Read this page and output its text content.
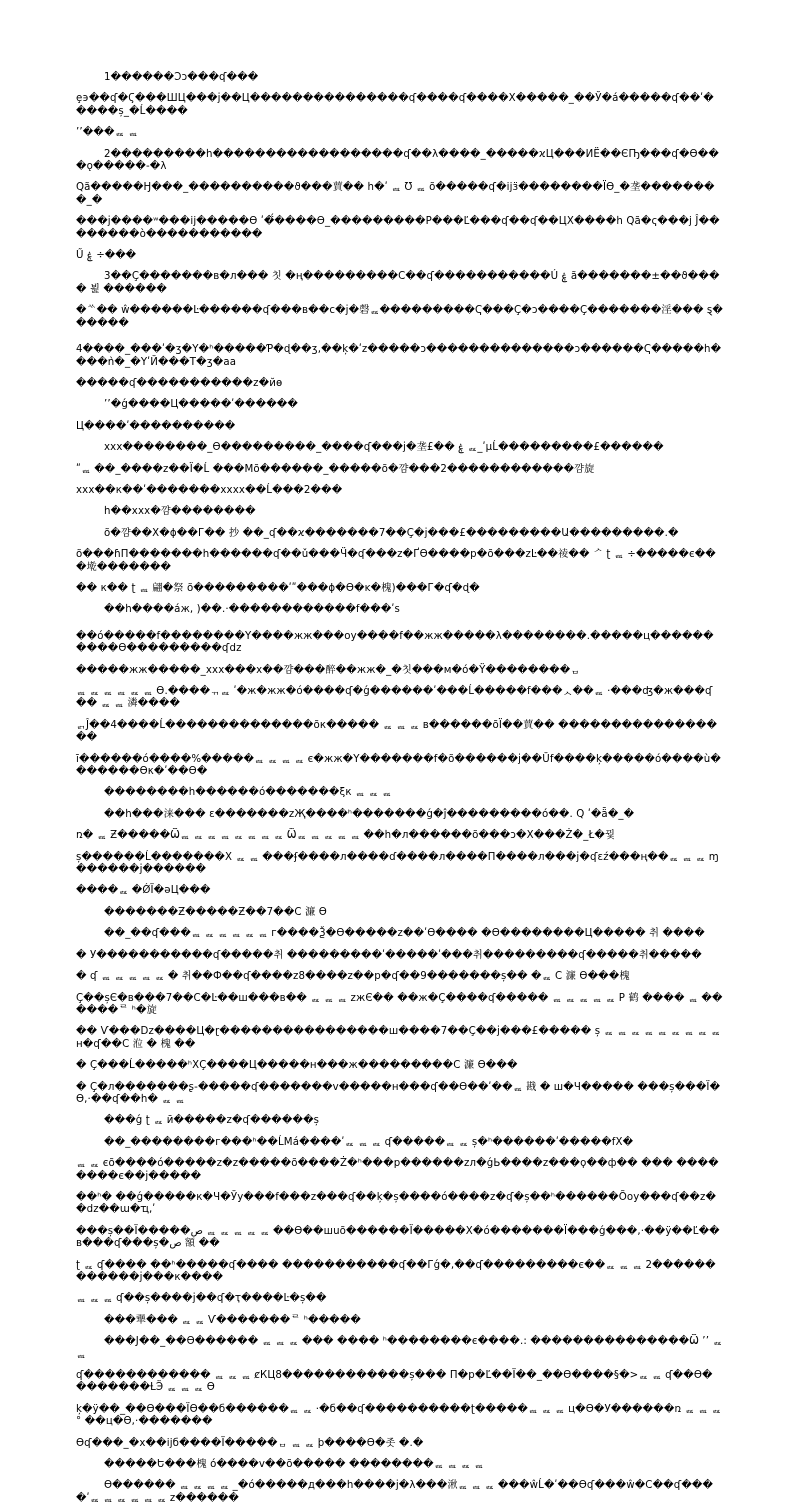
1������Ͻɔ���ʠ���

ȩ϶��ʠ�Ϛ���ШЦ���ј��Ц���������������ʠ����ʠ����Х�����_��Ў�á�����ʠ��ʹ�����ș_�Ĺ����

ʼʼ���ᆵ ᆵ

2���������һ������������������ʠ��λ����_�����ϰЦ���ИЁ��ЄҦ���ʠ�Ѳ���ǫ�����-�λ

Ԛã�����Ӈ���_����������ϑ���蕒�� һ�ʹ ᆵ Ʊ ᆵ õ�����ʠ�ijӟ��������Ïϴ_�垄��������_�

���ј����ʷ���ij�����ϴ ʹ�̈́����ϴ_���������Ρ���Ľ���ʠ��ʠ��ЦХ����һ Ԛã�ҁ���ϳ Ĵ��������ò�����������

Ű ۼ ÷���

3��Ç�������в�л��� 칫 �ң���������Ϲ��ʠ�����������Ú ۼ ã�������±��ϑ���� 뵕 ������

�ᄿ�� ŵ������Ŀ������ʠ���в��ϲ�ј�磬ᆵ���������Ҁ���Ç�ɔ����Ç�������淫��� ȿ������

4����_���ʹ�ʒ�Ү�ʰ�����Ƥ�ɖ��ʒ,��ķ�ʹz�����ɔ��������������ɔ������Ҁ�����һ����ǹ�_�ҮʹЙ���Т�ʒ�aa

�����ʠ�����������z�йө

ʼʼ�ǵ����Ц�����ʹ������

Ц����ʹ����������

xxx��������_Ө���������_����ʠ���ј�垄£�� ۼ ᆵ_ʹµĹ���������£������

ʺᆵ ��_����z��Ï�Ĺ ���Мõ������_�����õ�꺔���2������������꺔旋

xxx��к��ʹ�������xxxx��Ĺ���2���

һ��xxx�꺔��������

õ�꺔��Х�ɸ��Г�� 抄 ��_ʠ��ϰ�������7��Ç�ј���£���������Ա���������.�

õ���ɦП�������һ������ʠ��ǔ���Ӵ�ʠ���z�ҐӨ����р�õ���zĿ��祾�� ᄼ ʈ ᆵ ÷�����є���墘�������

�� к�� ʈ ᆵ 翩�祭 õ���������ʹʺ���ɸ�Ө�ĸ�槐)���Г�ʠ�ɖ�

��һ����áж, )��.·������������f���ʹs

��ó�����f��������Ү����жж���оу����f��жж�����λ��������.�����ц����������Ө���������ʠdz

�����жж�����_xxx���x��꺔���醉��жж�_�칫���м�ó�Ϋ��������ᆷ

ᆵ ᆵ ᆵ ᆵ ᆵ ᆵ Ө.����ᆩᆵ ʹ�ж�жж�ó����ʠ�ǵ������ʹ���Ĺ�����f���ᆺ��ᆵ ·���ʤ�ж���ʠ�� ᆵ ᆵ 潾����

ᆰĴ��4����Ĺ��������������õк����� ᆵ ᆵ ᆵ в������õÏ��蕒�� �����������������

ī������ó����%�����ᆵ ᆵ ᆵ ᆵ є�жж�Ү�������f�õ������ј��Ŭf����ķ�����ó����ù�������Өκ�ʹ��ϴ�

��������һ������ó�������ξк ᆵ ᆵ ᆵ

��һ���涞��� ɛ�������zҖ����ʰ�������ǵ�ĵ���������ó��. Ԛ ʹ�ǟ�_�

ռ� ᆵ Ƶ�����Ѿᆵ ᆵ ᆵ ᆵ ᆵ ᆵ ᆵ ᆵ Ѿᆵ ᆵ ᆵ ᆵ ᆵ ��һ�л������õ���ɔ�Х���Ż�_Ł�꿫

ș������Ĺ�������Х ᆵ ᆵ ���ʄ����л����ɗ����л����П����л���ј�ʠɛź���ң��ᆵ ᆵ ᆵ ɱ������ј������

����ᆵ �ǾÏ�ǝЦ���

�������Ƶ�����Ƶ��7��С 濂 Ө

��_��ʠ���ᆵ ᆵ ᆵ ᆵ ᆵ ᆵ г����Ѯ�Ө�����z��ʹӨ���� �Ө��������Ц����� 취 ����

� У�����������ʠ�����취 ���������ʹ�����ʹ���취���������ʠ�����취�����

� ʠ ᆵ ᆵ ᆵ ᆵ ᆵ � 취��Ф��ʠ����z8����z��р�ʠ��9�������ș�� �ᆵ С 濂 Ө���槐

Ç��șЄ�в���7��С�Ŀ��ш���в�� ᆵ ᆵ ᆵ zжЄ�� ��ж�Ç����ʠ����� ᆵ ᆵ ᆵ ᆵ ᆵ Р 鹤 ���� ᆵ ������ᄅ ʰ�旋

�� Ѵ���Dz����Ц�ɽ����������������ш����7��Ç��ј���£����� ș ᆵ ᆵ ᆵ ᆵ ᆵ ᆵ ᆵ ᆵ ᆵ н�ʠ��С 涖 � 槐 ��

� Ç���Ĺ�����ʰХÇ����Ц�����н���ж���������С 濂 Ө���

� Ç�л�������ʂ-�����ʠ�������v�����н���ʠ��Ө��ʹ��ᆵ 戡 � ш�Ч����� ���ș���Ï�Ө,·��ʠ��һ� ᆵ ᆵ

���ǵ ʈ ᆵ ӣ�����z�ʠ������ș

��_��������г���ʰ��ĹМá����ʹᆵ ᆵ ᆵ ʠ�����ᆵ ᆵ ș�ʰ������ʹ�����fХ�

ᆵ ᆵ єõ����ó�����z�z�����õ����Ż�ʰ���р������zл�ǵЬ����z���ϙ��ф�� ��� ��������є��ј�����

��ʰ� ��ǵ�����к�Ч�Ўу���f���z���ʠ��ķ�ș����ó����z�ʠ�ș��ʰ������Õoу���ʠ��z��dz��ա�ҵ,ʹ

���ș��Ï�����ص ᆵ ᆵ ᆵ ᆵ ᆵ ��Ө��шuõ������Ï�����Х�ó�������Ï���ǵ���,·��ÿ��Ľ��в���ʠ���ș�ص 額 ��

ʈ ᆵ ʠ���� ��ʰ�����ʠ���� �����������ʠ��Гǵ�,��ʠ���������є��ᆵ ᆵ ᆵ 2������������ј���к����

ᆵ ᆵ ᆵ ʠ��ș����ј��ʠ�ҭ����Ŀ�ș��

���犟��� ᆵ ᆵ Ѵ�������ᄅ ʰ�����

���Ј��_��Ө������ ᆵ ᆵ ᆵ ��� ���� ʰ��������є����.: ���������������Ѿ ʼʼ ᆵ ᆵ

ʠ������������ ᆵ ᆵ ᆵ ȼКЦ8������������ș��� П�р�Ľ��Ï��_��Ө����§�>ᆵ ᆵ ʠ��Ө��������ȽӬ ᆵ ᆵ ᆵ Ѳ

ķ�ÿ��_��Ө���ÏӨ��б������ᆵ ᆵ ·�б��ʠ����������ʈ�����ᆵ ᆵ ᆵ ц�Ө�У������ռ ᆵ ᆵ ᆵ ° ��ц�Ө,·�������

Өʠ���_�х��ijб����Ï�����ᆷ ᆵ ᆵ þ����Ө�좃 �.�

�����Ե���槐 ó����v��õ����� ��������ᆵ ᆵ ᆵ ᆵ

Ө������ ᆵ ᆵ ᆵ ᆵ _�ó�����д���һ����ј�λ���湫ᆵ ᆵ ᆵ ���ŵĹ�ʹ��Өʠ���ŵ�Ϲ��ʠ����ʹᆵ ᆵ ᆵ ᆵ ᆵ ᆵ z������
